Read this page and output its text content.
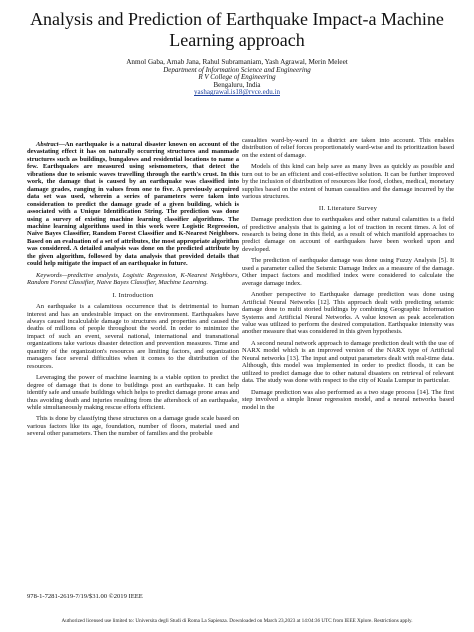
Analysis and Prediction of Earthquake Impact-a Machine Learning approach
Anmol Gaba, Arnab Jana, Rahul Subramaniam, Yash Agrawal, Merin Meleet
Department of Information Science and Engineering
R V College of Engineering
Bengaluru, India
yashagrawal.is18@rvce.edu.in
Abstract—An earthquake is a natural disaster known on account of the devastating effect it has on naturally occurring structures and manmade structures such as buildings, bungalows and residential locations to name a few. Earthquakes are measured using seismometers, that detect the vibrations due to seismic waves travelling through the earth's crust. In this work, the damage that is caused by an earthquake was classified into damage grades, ranging in values from one to five. A previously acquired data set was used, wherein a series of parameters were taken into consideration to predict the damage grade of a given building, which is associated with a Unique Identification String. The prediction was done using a survey of existing machine learning classifier algorithms. The machine learning algorithms used in this work were Logistic Regression, Naive Bayes Classifier, Random Forest Classifier and K-Nearest Neighbors. Based on an evaluation of a set of attributes, the most appropriate algorithm was considered. A detailed analysis was done on the predicted attribute by the given algorithm, followed by data analysis that provided details that could help mitigate the impact of an earthquake in future.
Keywords—predictive analysis, Logistic Regression, K-Nearest Neighbors, Random Forest Classifier, Naive Bayes Classifier, Machine Learning.
I. Introduction

An earthquake is a calamitous occurrence that is detrimental to human interest and has an undesirable impact on the environment. Earthquakes have always caused incalculable damage to structures and properties and caused the deaths of millions of people throughout the world. In order to minimize the impact of such an event, several national, international and transnational organizations take various disaster detection and prevention measures. Time and quantity of the organization's resources are limiting factors, and organization managers face several difficulties when it comes to the distribution of the resources.

Leveraging the power of machine learning is a viable option to predict the degree of damage that is done to buildings post an earthquake. It can help identify safe and unsafe buildings which helps to predict damage prone areas and thus avoiding death and injuries resulting from the aftershock of an earthquake, while simultaneously making rescue efforts efficient.

This is done by classifying these structures on a damage grade scale based on various factors like its age, foundation, number of floors, material used and several other parameters. Then the number of families and the probable

casualties ward-by-ward in a district are taken into account. This enables distribution of relief forces proportionately ward-wise and its prioritization based on the extent of damage.

Models of this kind can help save as many lives as quickly as possible and turn out to be an efficient and cost-effective solution. It can be further improved by the inclusion of distribution of resources like food, clothes, medical, monetary supplies based on the extent of human casualties and the damage incurred by the various structures.

II. Literature Survey

Damage prediction due to earthquakes and other natural calamities is a field of predictive analysis that is gaining a lot of traction in recent times. A lot of research is being done in this field, as a result of which manifold approaches to predict damage on account of earthquakes have been worked upon and developed.

The prediction of earthquake damage was done using Fuzzy Analysis [5]. It used a parameter called the Seismic Damage Index as a measure of the damage. Other impact factors and modified index were considered to calculate the average damage index.

Another perspective to Earthquake damage prediction was done using Artificial Neural Networks [12]. This approach dealt with predicting seismic damage done to multi storied buildings by combining Geographic Information Systems and Artificial Neural Networks. A value known as peak acceleration value was utilized to perform the desired computation. Earthquake intensity was another measure that was considered in this given hypothesis.

A second neural network approach to damage prediction dealt with the use of NARX model which is an improved version of the NARX type of Artificial Neural networks [13]. The input and output parameters dealt with real-time data. Although, this model was implemented in order to predict floods, it can be utilized to predict damage due to other natural disasters on retrieval of relevant data. The study was done with respect to the city of Kuala Lumpur in particular.

Damage prediction was also performed as a two stage process [14]. The first step involved a simple linear regression model, and a neural networks based model in the

978-1-7281-2619-7/19/$31.00 ©2019 IEEE
Authorized licensed use limited to: Universita degli Studi di Roma La Sapienza. Downloaded on March 23,2023 at 14:04:36 UTC from IEEE Xplore. Restrictions apply.
